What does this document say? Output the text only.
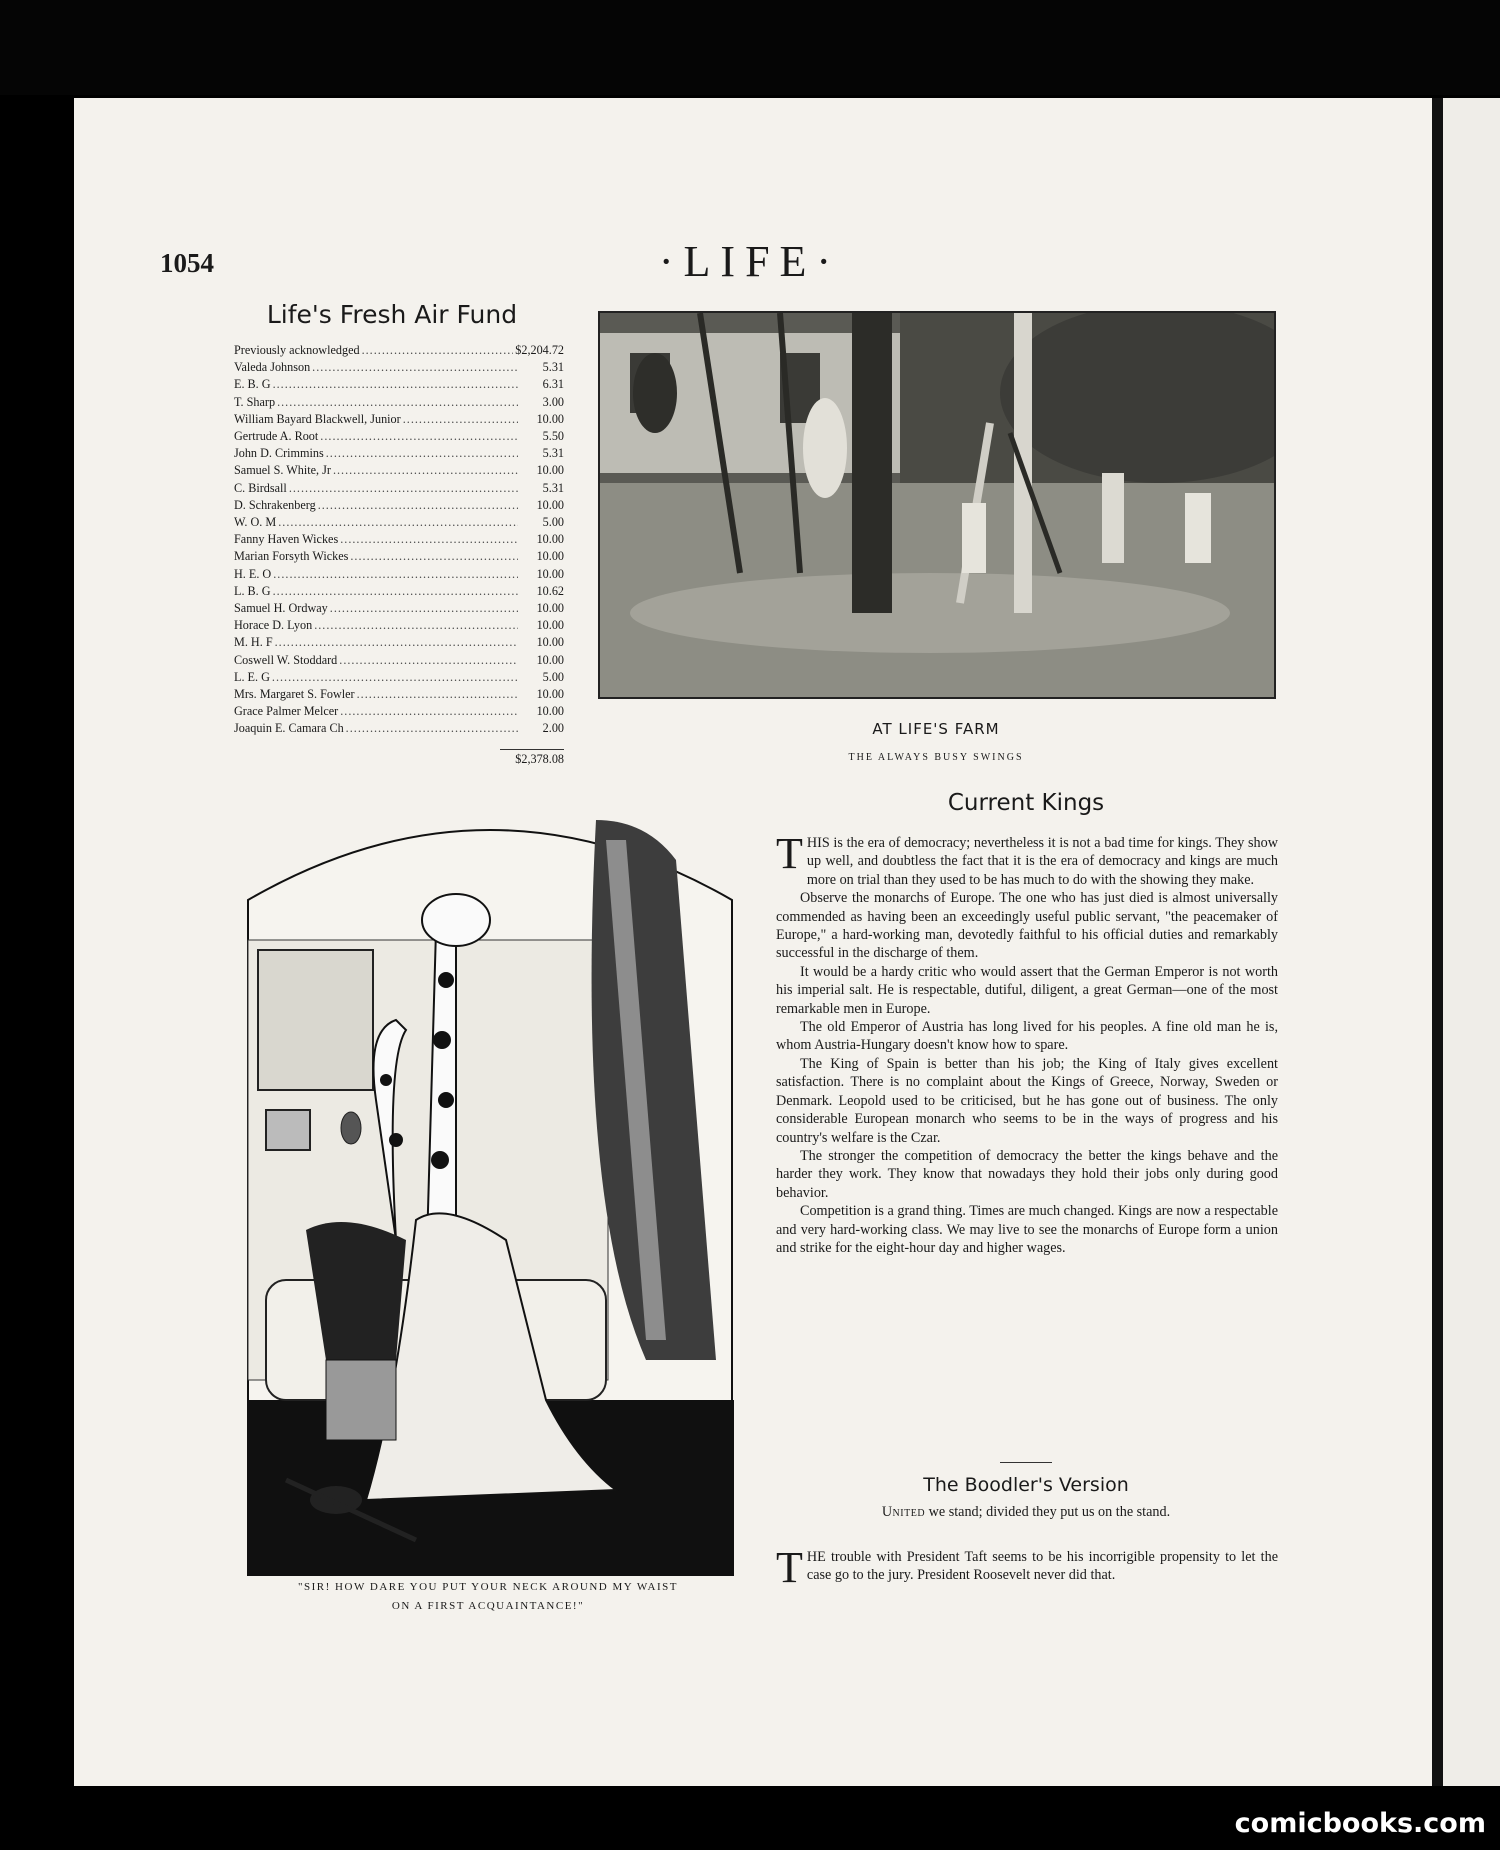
1054	·LIFE·
Life's Fresh Air Fund
Previously acknowledged .....	$2,204.72
Valeda Johnson .....	5.31
E. B. G .....	6.31
T. Sharp .....	3.00
William Bayard Blackwell, Junior .....	10.00
Gertrude A. Root .....	5.50
John D. Crimmins .....	5.31
Samuel S. White, Jr .....	10.00
C. Birdsall .....	5.31
D. Schrakenberg .....	10.00
W. O. M .....	5.00
Fanny Haven Wickes .....	10.00
Marian Forsyth Wickes .....	10.00
H. E. O .....	10.00
L. B. G .....	10.62
Samuel H. Ordway .....	10.00
Horace D. Lyon .....	10.00
M. H. F .....	10.00
Coswell W. Stoddard .....	10.00
L. E. G .....	5.00
Mrs. Margaret S. Fowler .....	10.00
Grace Palmer Melcer .....	10.00
Joaquin E. Camara Ch .....	2.00
$2,378.08
AT LIFE'S FARM
THE ALWAYS BUSY SWINGS
"SIR! HOW DARE YOU PUT YOUR NECK AROUND MY WAIST
ON A FIRST ACQUAINTANCE!"
Current Kings

THIS is the era of democracy; nevertheless it is not a bad time for kings. They show up well, and doubtless the fact that it is the era of democracy and kings are much more on trial than they used to be has much to do with the showing they make.

Observe the monarchs of Europe. The one who has just died is almost universally commended as having been an exceedingly useful public servant, "the peacemaker of Europe," a hard-working man, devotedly faithful to his official duties and remarkably successful in the discharge of them.

It would be a hardy critic who would assert that the German Emperor is not worth his imperial salt. He is respectable, dutiful, diligent, a great German—one of the most remarkable men in Europe.

The old Emperor of Austria has long lived for his peoples. A fine old man he is, whom Austria-Hungary doesn't know how to spare.

The King of Spain is better than his job; the King of Italy gives excellent satisfaction. There is no complaint about the Kings of Greece, Norway, Sweden or Denmark. Leopold used to be criticised, but he has gone out of business. The only considerable European monarch who seems to be in the ways of progress and his country's welfare is the Czar.

The stronger the competition of democracy the better the kings behave and the harder they work. They know that nowadays they hold their jobs only during good behavior.

Competition is a grand thing. Times are much changed. Kings are now a respectable and very hard-working class. We may live to see the monarchs of Europe form a union and strike for the eight-hour day and higher wages.

The Boodler's Version
United we stand; divided they put us on the stand.

THE trouble with President Taft seems to be his incorrigible propensity to let the case go to the jury. President Roosevelt never did that.

comicbooks.com
